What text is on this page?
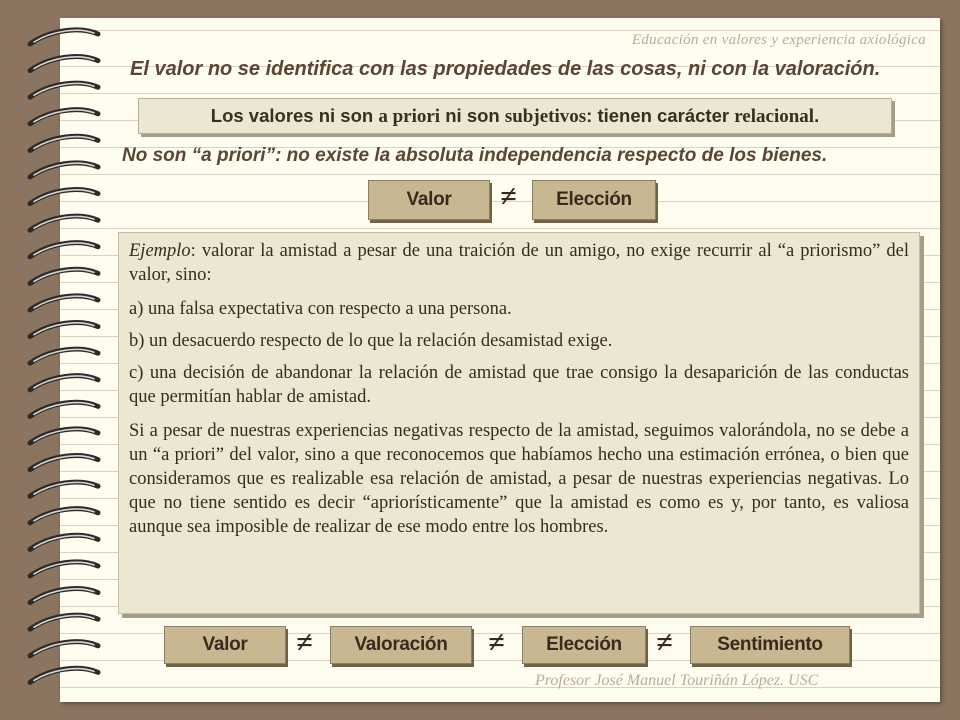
Educación en valores y experiencia axiológica
El valor no se identifica con las propiedades de las cosas, ni con la valoración.
Los valores ni son a priori ni son subjetivos: tienen carácter relacional.
No son “a priori”: no existe la absoluta independencia respecto de los bienes.
Valor	≠	Elección

Ejemplo: valorar la amistad a pesar de una traición de un amigo, no exige recurrir al “a priorismo” del valor, sino:

a) una falsa expectativa con respecto a una persona.

b) un desacuerdo respecto de lo que la relación desamistad exige.

c) una decisión de abandonar la relación de amistad que trae consigo la desaparición de las conductas que permitían hablar de amistad.

Si a pesar de nuestras experiencias negativas respecto de la amistad, seguimos valorándola, no se debe a un “a priori” del valor, sino a que reconocemos que habíamos hecho una estimación errónea, o bien que consideramos que es realizable esa relación de amistad, a pesar de nuestras experiencias negativas. Lo que no tiene sentido es decir “apriorísticamente” que la amistad es como es y, por tanto, es valiosa aunque sea imposible de realizar de ese modo entre los hombres.

Valor	≠	Valoración	≠	Elección	≠	Sentimiento
Profesor José Manuel Touriñán López. USC
